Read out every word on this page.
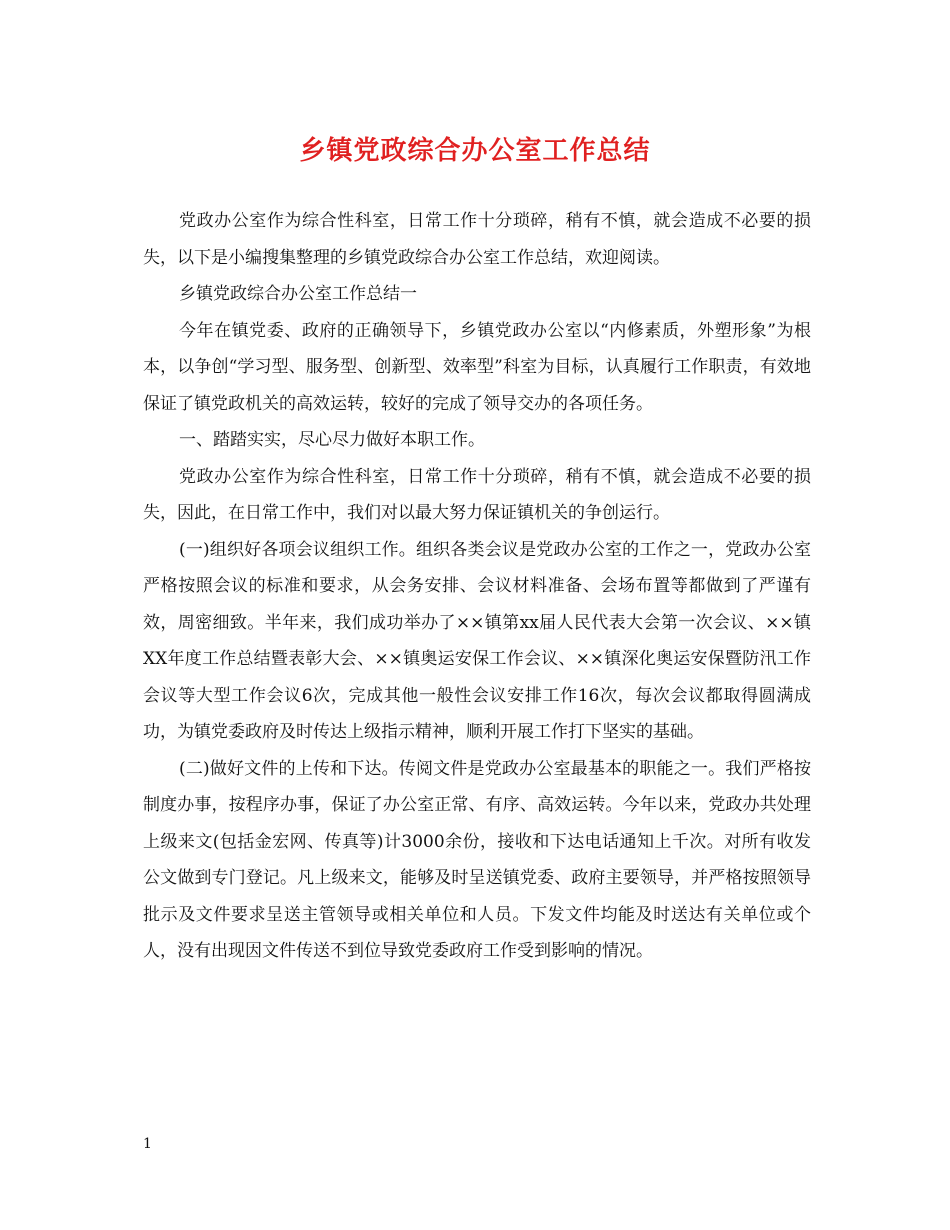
乡镇党政综合办公室工作总结

党政办公室作为综合性科室，日常工作十分琐碎，稍有不慎，就会造成不必要的损失，以下是小编搜集整理的乡镇党政综合办公室工作总结，欢迎阅读。

乡镇党政综合办公室工作总结一

今年在镇党委、政府的正确领导下，乡镇党政办公室以“内修素质，外塑形象”为根本，以争创“学习型、服务型、创新型、效率型”科室为目标，认真履行工作职责，有效地保证了镇党政机关的高效运转，较好的完成了领导交办的各项任务。

一、踏踏实实，尽心尽力做好本职工作。

党政办公室作为综合性科室，日常工作十分琐碎，稍有不慎，就会造成不必要的损失，因此，在日常工作中，我们对以最大努力保证镇机关的争创运行。

(一)组织好各项会议组织工作。组织各类会议是党政办公室的工作之一，党政办公室严格按照会议的标准和要求，从会务安排、会议材料准备、会场布置等都做到了严谨有效，周密细致。半年来，我们成功举办了××镇第xx届人民代表大会第一次会议、××镇XX年度工作总结暨表彰大会、××镇奥运安保工作会议、××镇深化奥运安保暨防汛工作会议等大型工作会议6次，完成其他一般性会议安排工作16次，每次会议都取得圆满成功，为镇党委政府及时传达上级指示精神，顺利开展工作打下坚实的基础。

(二)做好文件的上传和下达。传阅文件是党政办公室最基本的职能之一。我们严格按制度办事，按程序办事，保证了办公室正常、有序、高效运转。今年以来，党政办共处理上级来文(包括金宏网、传真等)计3000余份，接收和下达电话通知上千次。对所有收发公文做到专门登记。凡上级来文，能够及时呈送镇党委、政府主要领导，并严格按照领导批示及文件要求呈送主管领导或相关单位和人员。下发文件均能及时送达有关单位或个人，没有出现因文件传送不到位导致党委政府工作受到影响的情况。

1
